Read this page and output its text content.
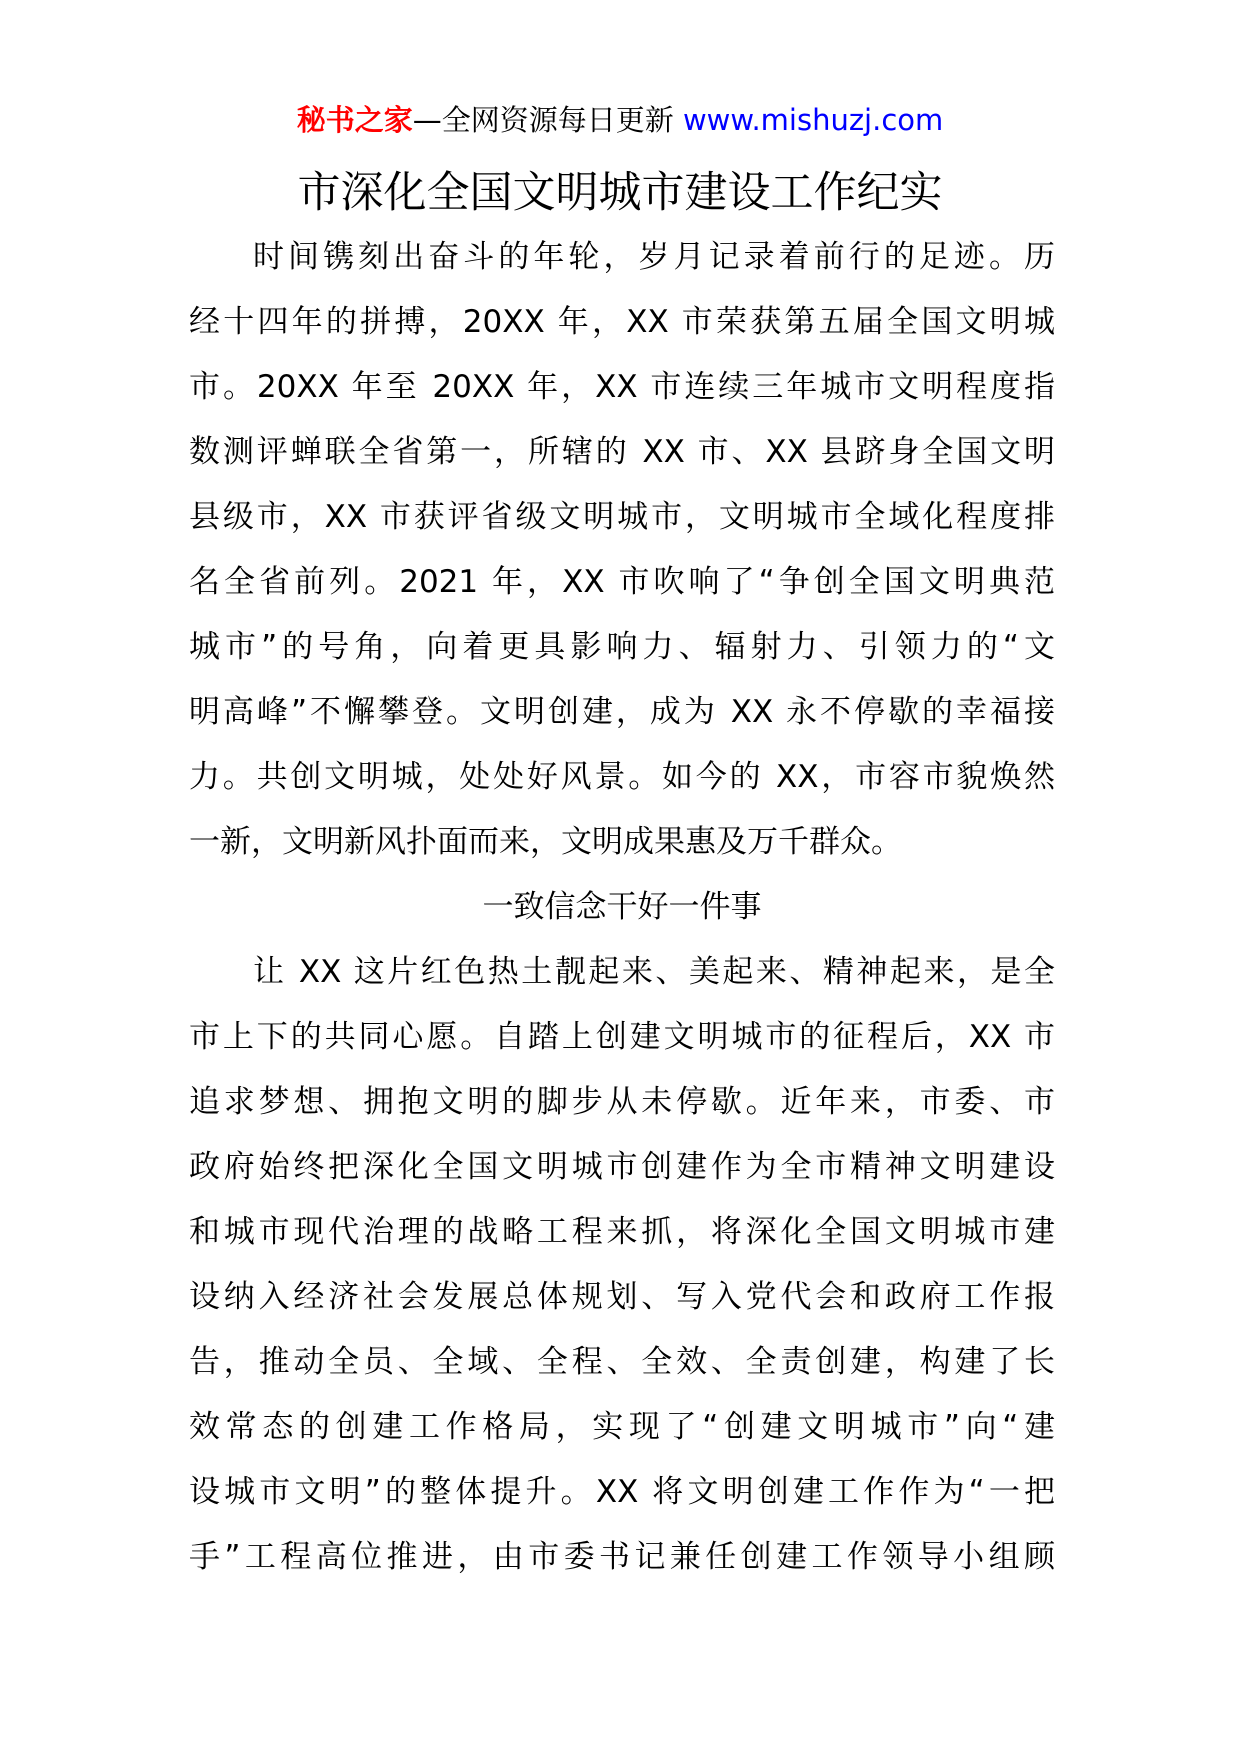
秘书之家—全网资源每日更新 www.mishuzj.com
市深化全国文明城市建设工作纪实
时间镌刻出奋斗的年轮，岁月记录着前行的足迹。历
经十四年的拼搏，20XX 年，XX 市荣获第五届全国文明城
市。20XX 年至 20XX 年，XX 市连续三年城市文明程度指
数测评蝉联全省第一，所辖的 XX 市、XX 县跻身全国文明
县级市，XX 市获评省级文明城市，文明城市全域化程度排
名全省前列。2021 年，XX 市吹响了“争创全国文明典范
城市”的号角，向着更具影响力、辐射力、引领力的“文
明高峰”不懈攀登。文明创建，成为 XX 永不停歇的幸福接
力。共创文明城，处处好风景。如今的 XX，市容市貌焕然
一新，文明新风扑面而来，文明成果惠及万千群众。
一致信念干好一件事
让 XX 这片红色热土靓起来、美起来、精神起来，是全
市上下的共同心愿。自踏上创建文明城市的征程后，XX 市
追求梦想、拥抱文明的脚步从未停歇。近年来，市委、市
政府始终把深化全国文明城市创建作为全市精神文明建设
和城市现代治理的战略工程来抓，将深化全国文明城市建
设纳入经济社会发展总体规划、写入党代会和政府工作报
告，推动全员、全域、全程、全效、全责创建，构建了长
效常态的创建工作格局，实现了“创建文明城市”向“建
设城市文明”的整体提升。XX 将文明创建工作作为“一把
手”工程高位推进，由市委书记兼任创建工作领导小组顾
